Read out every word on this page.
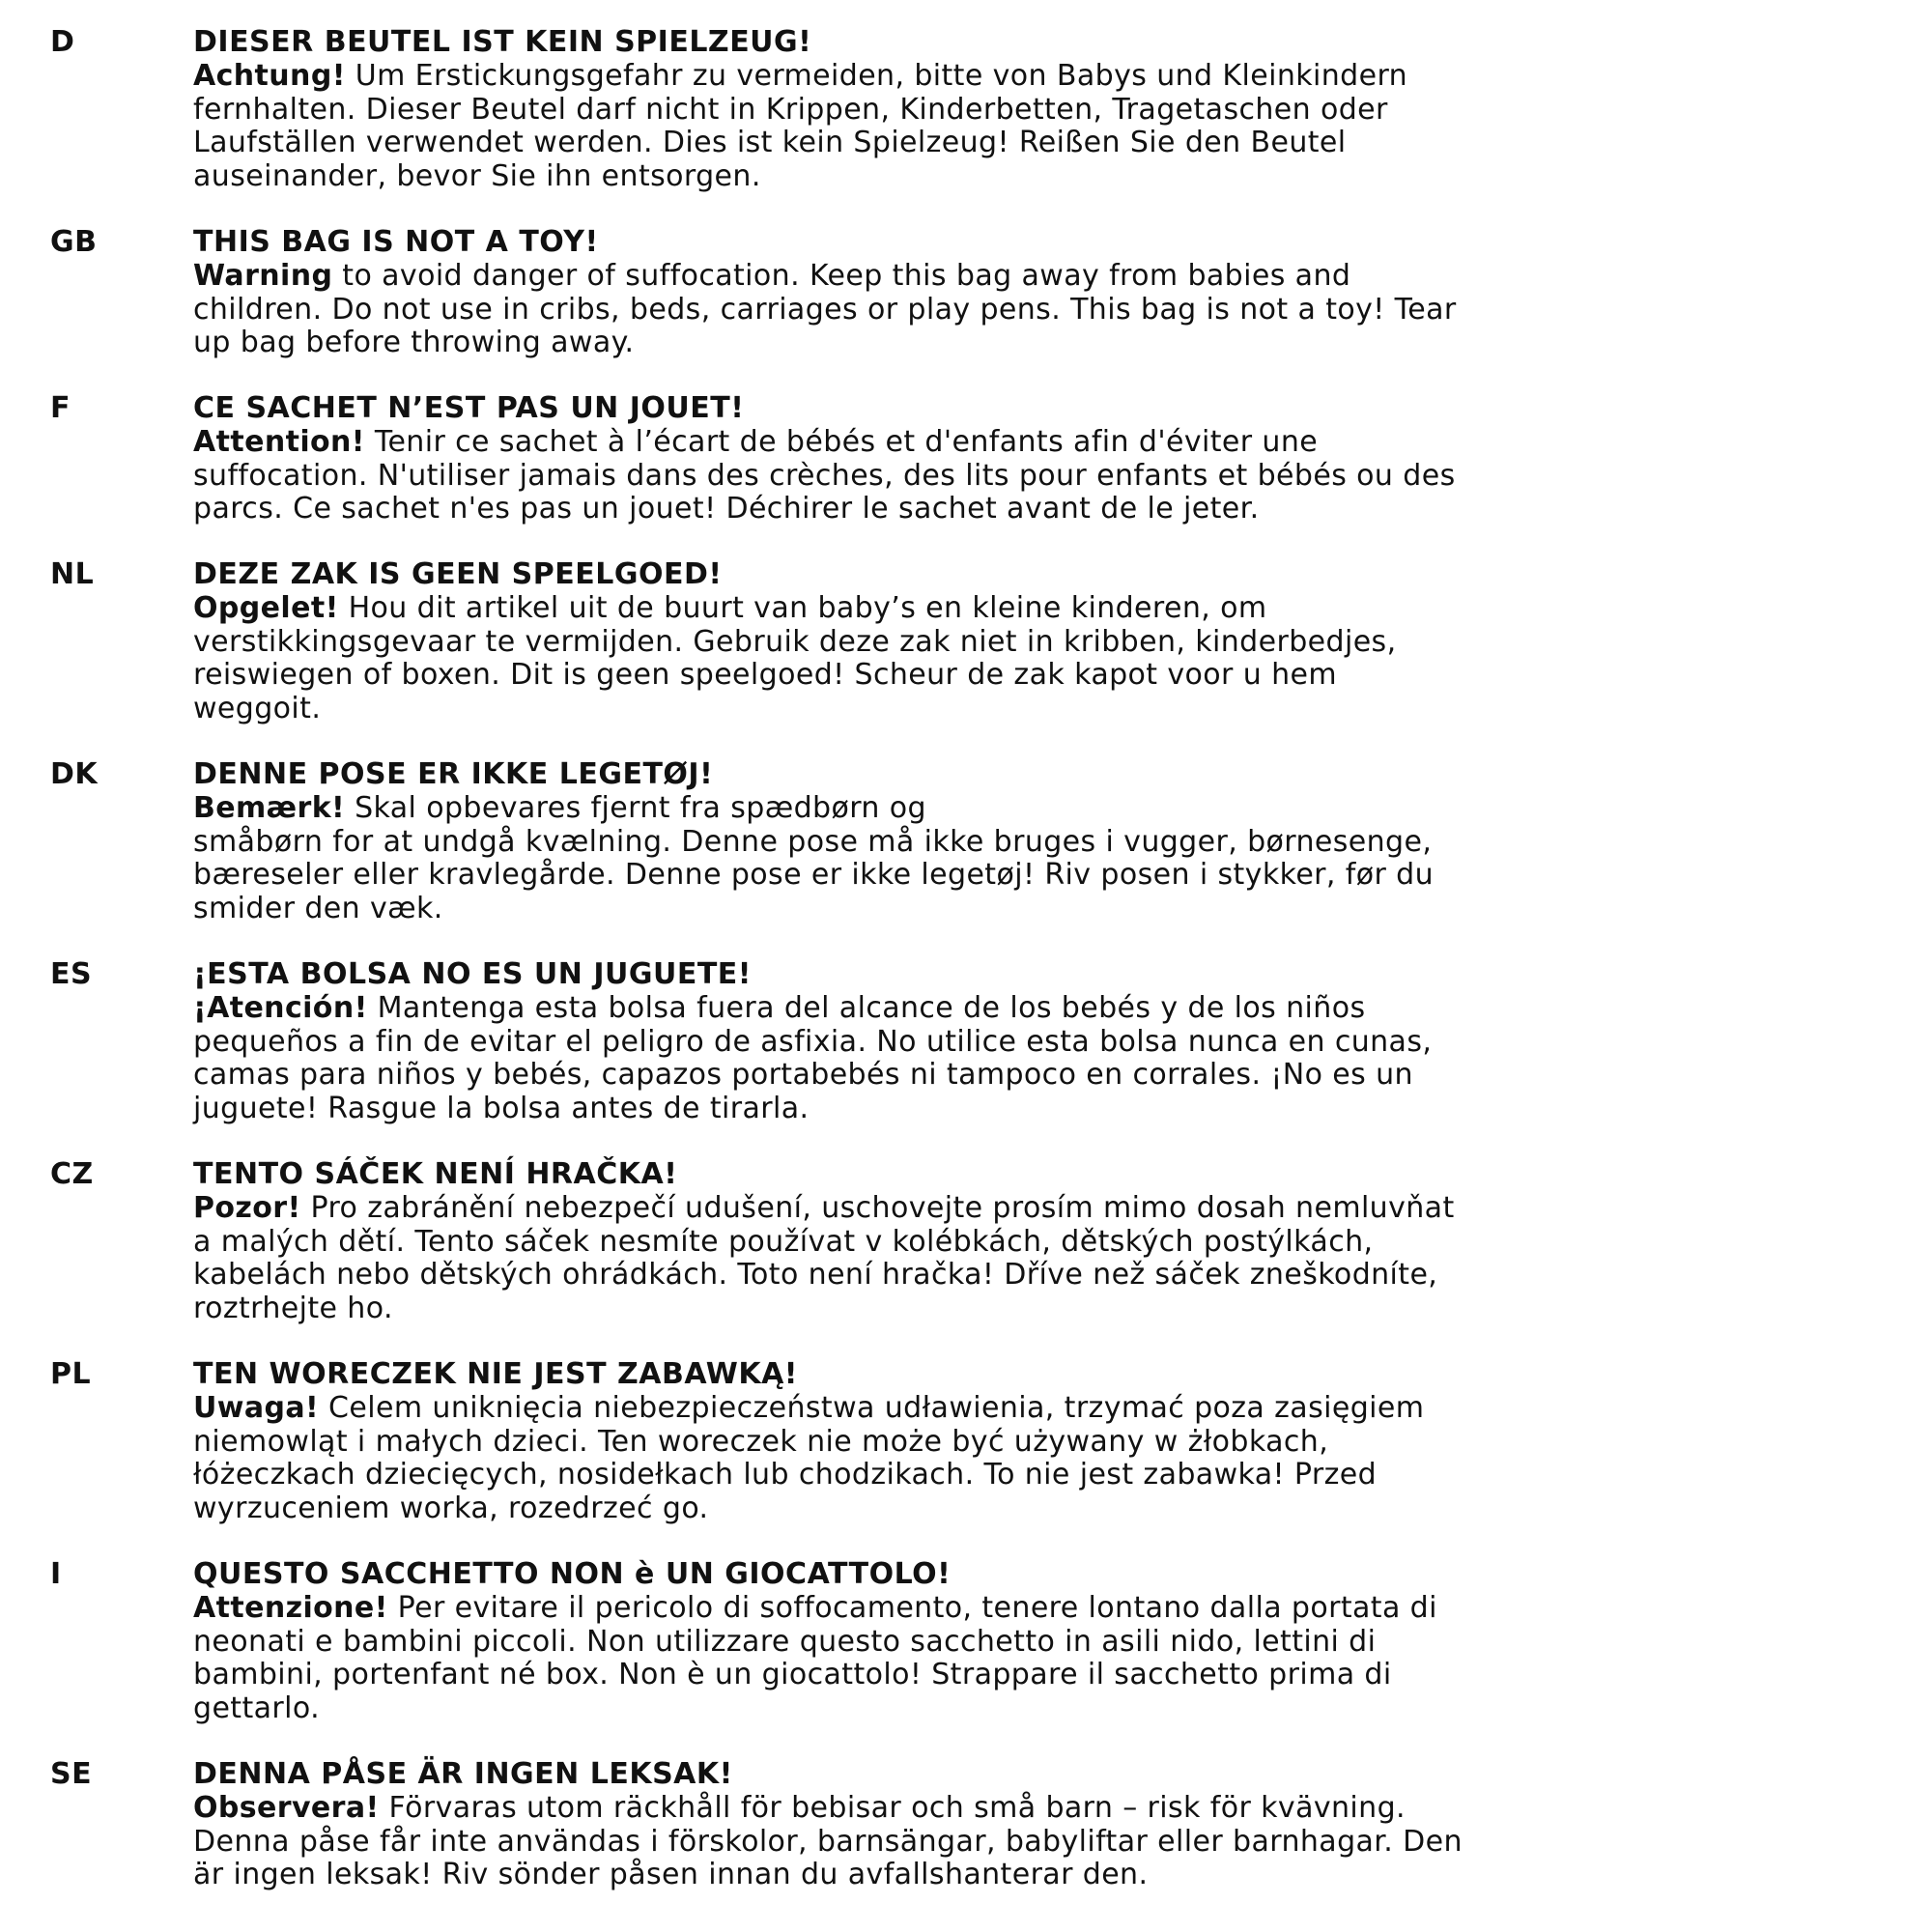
D	DIESER BEUTEL IST KEIN SPIELZEUG!
Achtung! Um Erstickungsgefahr zu vermeiden, bitte von Babys und Kleinkindern
fernhalten. Dieser Beutel darf nicht in Krippen, Kinderbetten, Tragetaschen oder
Laufställen verwendet werden. Dies ist kein Spielzeug! Reißen Sie den Beutel
auseinander, bevor Sie ihn entsorgen.
GB	THIS BAG IS NOT A TOY!
Warning to avoid danger of suffocation. Keep this bag away from babies and
children. Do not use in cribs, beds, carriages or play pens. This bag is not a toy! Tear
up bag before throwing away.
F	CE SACHET N’EST PAS UN JOUET!
Attention! Tenir ce sachet à l’écart de bébés et d'enfants afin d'éviter une
suffocation. N'utiliser jamais dans des crèches, des lits pour enfants et bébés ou des
parcs. Ce sachet n'es pas un jouet! Déchirer le sachet avant de le jeter.
NL	DEZE ZAK IS GEEN SPEELGOED!
Opgelet! Hou dit artikel uit de buurt van baby’s en kleine kinderen, om
verstikkingsgevaar te vermijden. Gebruik deze zak niet in kribben, kinderbedjes,
reiswiegen of boxen. Dit is geen speelgoed! Scheur de zak kapot voor u hem
weggoit.
DK	DENNE POSE ER IKKE LEGETØJ!
Bemærk! Skal opbevares fjernt fra spædbørn og
småbørn for at undgå kvælning. Denne pose må ikke bruges i vugger, børnesenge,
bæreseler eller kravlegårde. Denne pose er ikke legetøj! Riv posen i stykker, før du
smider den væk.
ES	¡ESTA BOLSA NO ES UN JUGUETE!
¡Atención! Mantenga esta bolsa fuera del alcance de los bebés y de los niños
pequeños a fin de evitar el peligro de asfixia. No utilice esta bolsa nunca en cunas,
camas para niños y bebés, capazos portabebés ni tampoco en corrales. ¡No es un
juguete! Rasgue la bolsa antes de tirarla.
CZ	TENTO SÁČEK NENÍ HRAČKA!
Pozor! Pro zabránění nebezpečí udušení, uschovejte prosím mimo dosah nemluvňat
a malých dětí. Tento sáček nesmíte používat v kolébkách, dětských postýlkách,
kabelách nebo dětských ohrádkách. Toto není hračka! Dříve než sáček zneškodníte,
roztrhejte ho.
PL	TEN WORECZEK NIE JEST ZABAWKĄ!
Uwaga! Celem uniknięcia niebezpieczeństwa udławienia, trzymać poza zasięgiem
niemowląt i małych dzieci. Ten woreczek nie może być używany w żłobkach,
łóżeczkach dziecięcych, nosidełkach lub chodzikach. To nie jest zabawka! Przed
wyrzuceniem worka, rozedrzeć go.
I	QUESTO SACCHETTO NON è UN GIOCATTOLO!
Attenzione! Per evitare il pericolo di soffocamento, tenere lontano dalla portata di
neonati e bambini piccoli. Non utilizzare questo sacchetto in asili nido, lettini di
bambini, portenfant né box. Non è un giocattolo! Strappare il sacchetto prima di
gettarlo.
SE	DENNA PÅSE ÄR INGEN LEKSAK!
Observera! Förvaras utom räckhåll för bebisar och små barn – risk för kvävning.
Denna påse får inte användas i förskolor, barnsängar, babyliftar eller barnhagar. Den
är ingen leksak! Riv sönder påsen innan du avfallshanterar den.
